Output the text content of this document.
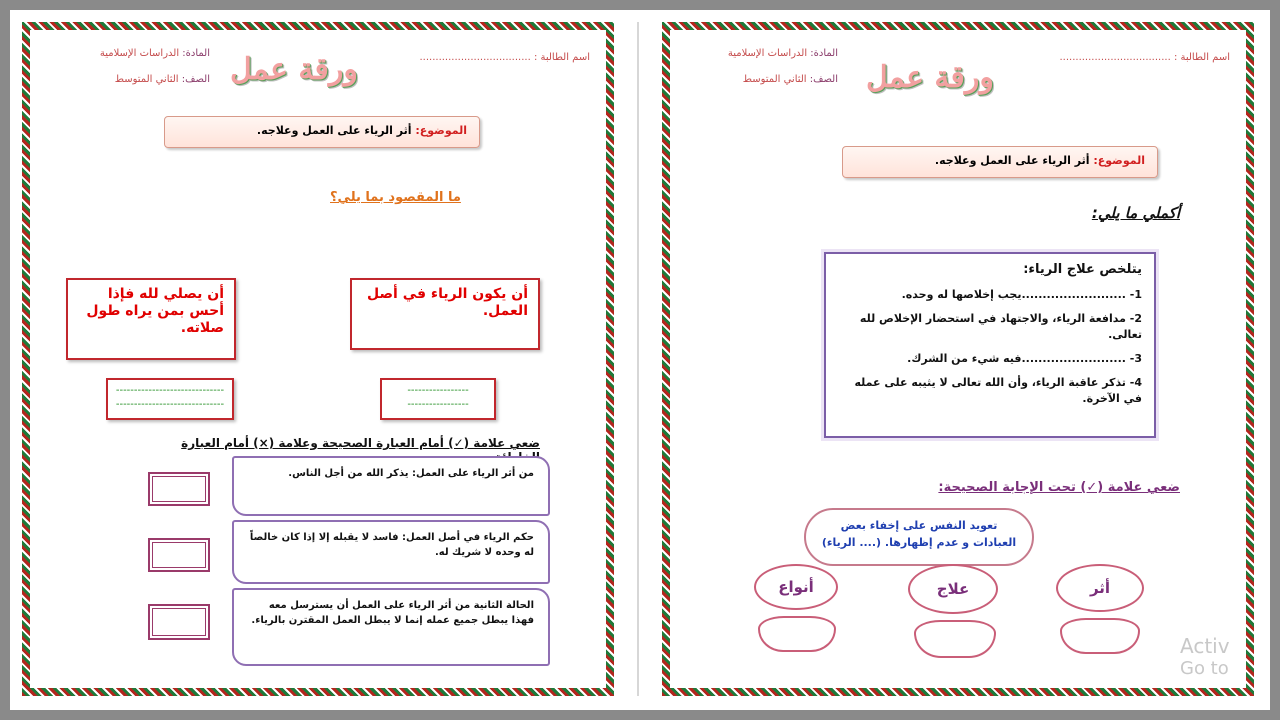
اسم الطالبة : ...................................
المادة: الدراسات الإسلامية
الصف: الثاني المتوسط	ورقة عمل
الموضوع: أثر الرياء على العمل وعلاجه.
ما المقصود بما يلي؟
أن يكون الرياء في أصل العمل.
أن يصلي لله فإذا أحس بمن يراه طول صلاته.
-----------------
-----------------
------------------------------
------------------------------
ضعي علامة (✓) أمام العبارة الصحيحة وعلامة (×) أمام العبارة
من أثر الرياء على العمل: يذكر الله من أجل الناس.
حكم الرياء في أصل العمل: فاسد لا يقبله إلا إذا كان خالصاً له وحده لا شريك له.
الحالة الثانية من أثر الرياء على العمل أن يسترسل معه فهذا يبطل جميع عمله إنما لا يبطل العمل المقترن بالرياء.
اسم الطالبة : ...................................
المادة: الدراسات الإسلامية
الصف: الثاني المتوسط	ورقة عمل
الموضوع: أثر الرياء على العمل وعلاجه.
أكملي ما يلي:
يتلخص علاج الرياء:
1- .........................يجب إخلاصها له وحده.
2- مدافعة الرياء، والاجتهاد في استحضار الإخلاص لله تعالى.
3- .........................فيه شيء من الشرك.
4- تذكر عاقبة الرياء، وأن الله تعالى لا يثيبه على عمله في الآخرة.
ضعي علامة (✓) تحت الإجابة الصحيحة:
تعويد النفس على إخفاء بعض
العبادات و عدم إظهارها. (.... الرياء)
أثر
علاج
أنواع
Activ
Go to
